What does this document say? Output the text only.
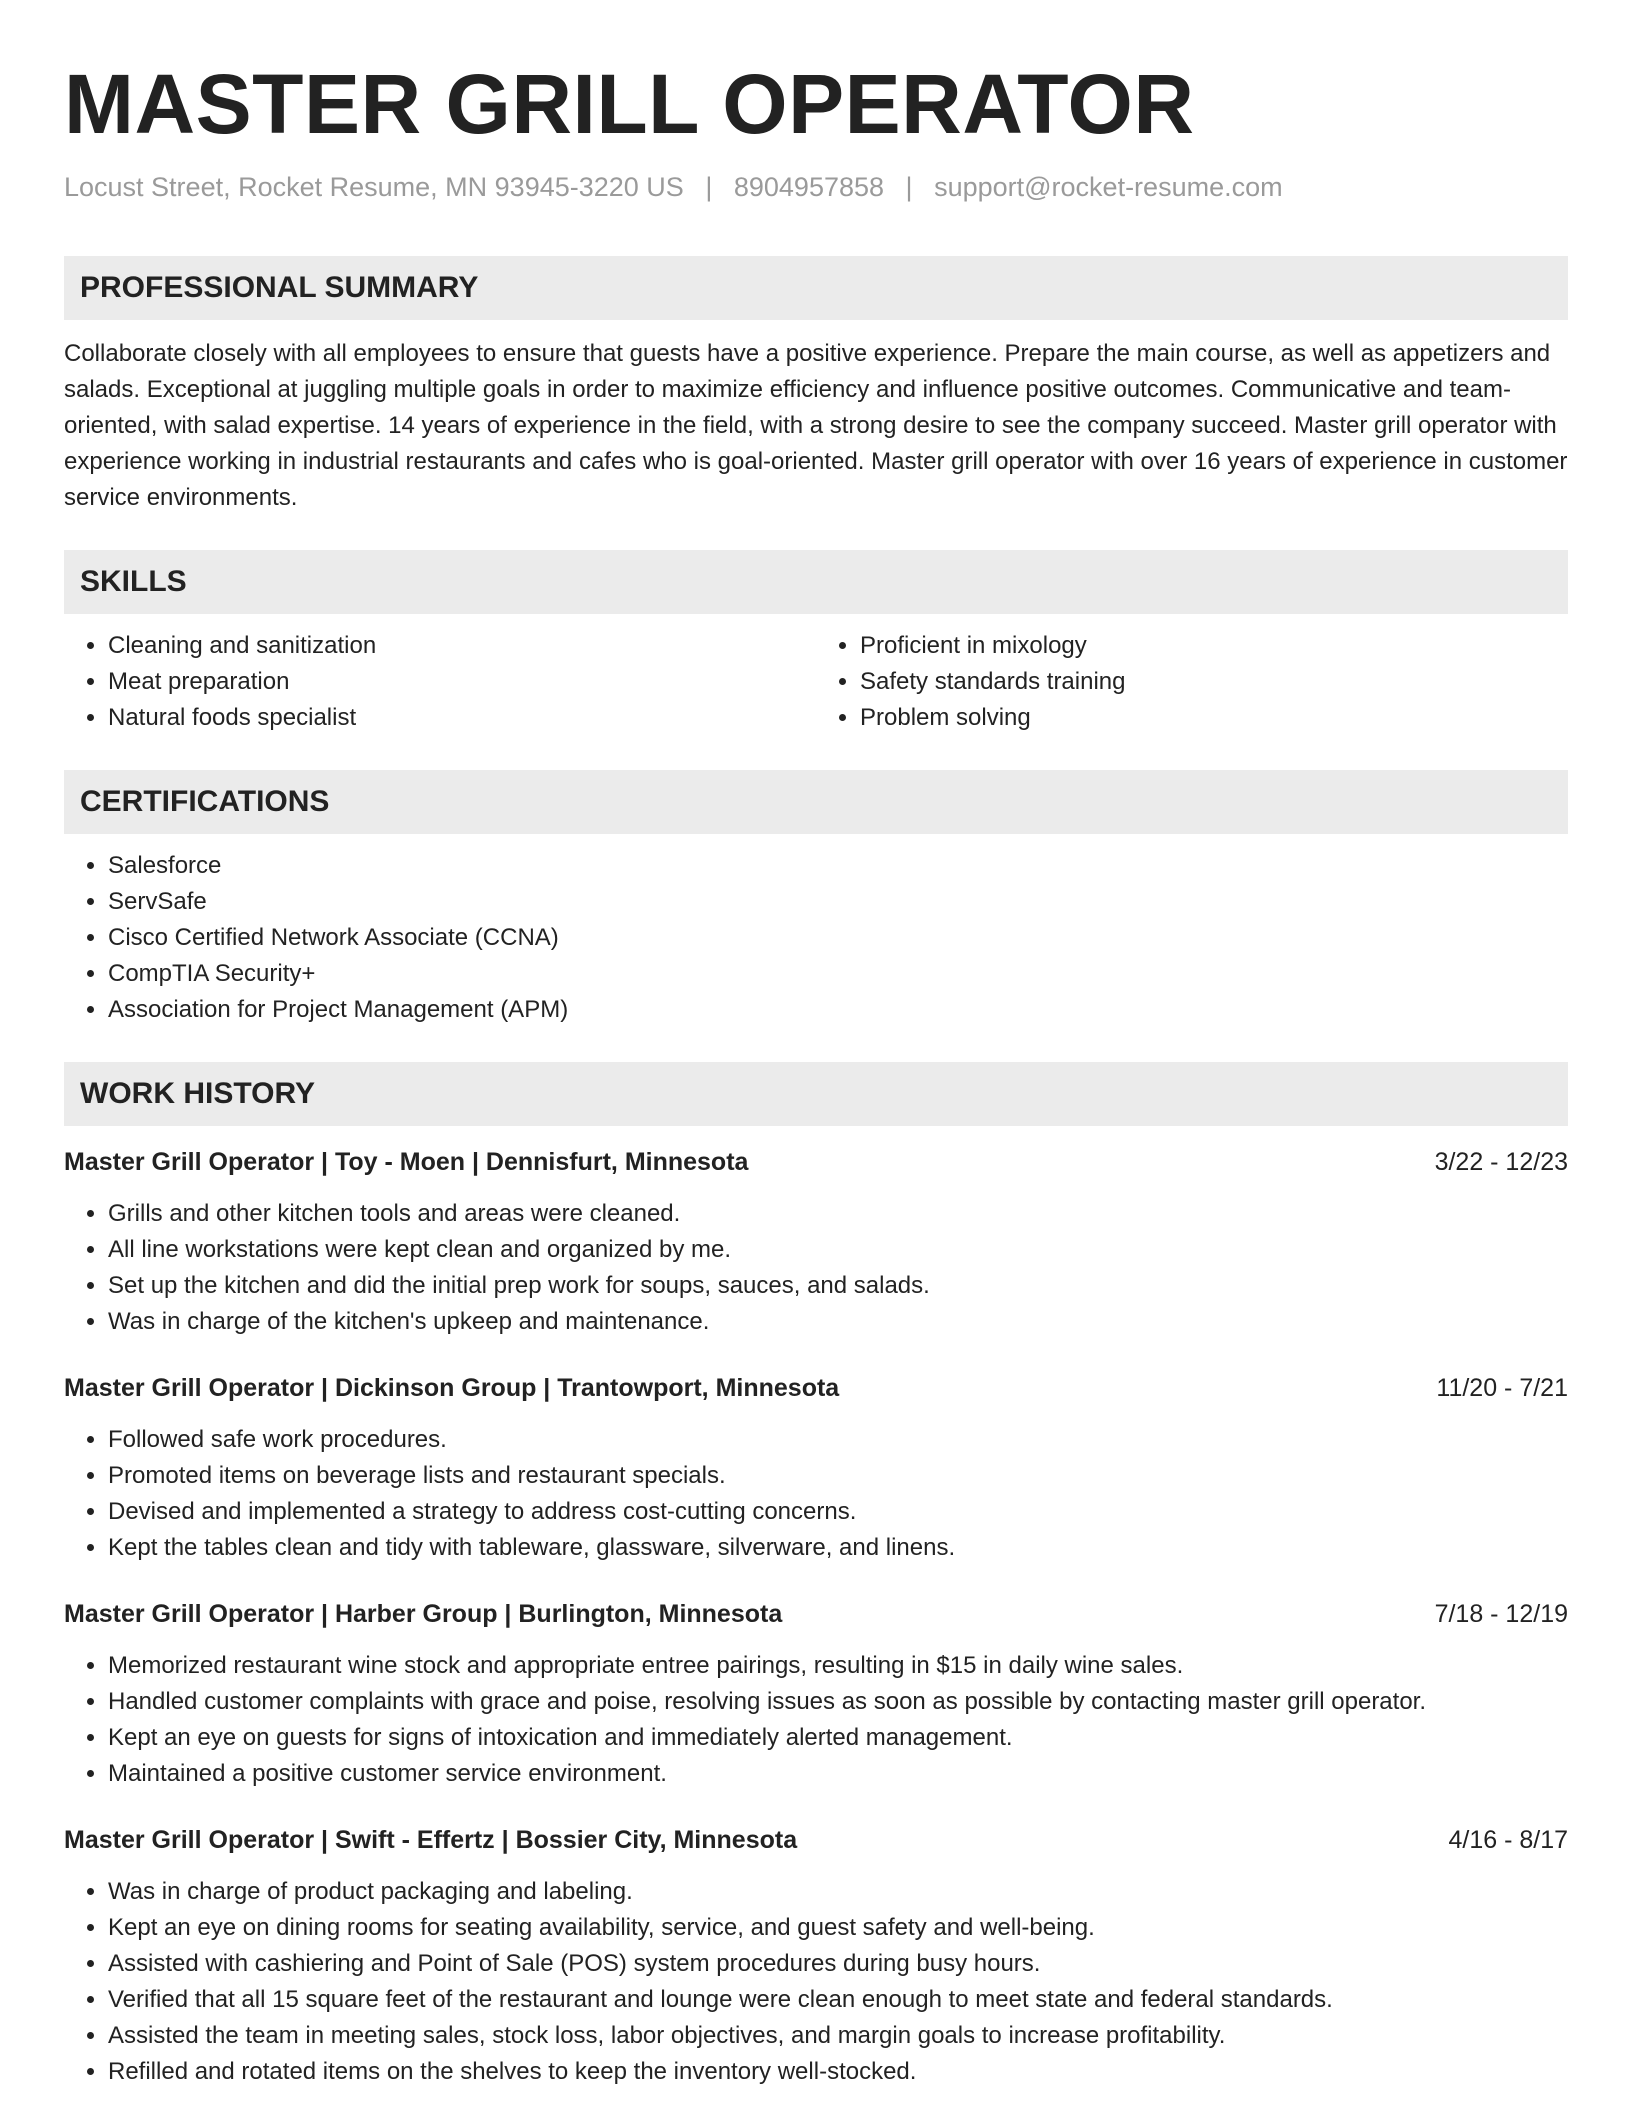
MASTER GRILL OPERATOR
Locust Street, Rocket Resume, MN 93945-3220 US | 8904957858 | support@rocket-resume.com
PROFESSIONAL SUMMARY
Collaborate closely with all employees to ensure that guests have a positive experience. Prepare the main course, as well as appetizers and salads. Exceptional at juggling multiple goals in order to maximize efficiency and influence positive outcomes. Communicative and team-oriented, with salad expertise. 14 years of experience in the field, with a strong desire to see the company succeed. Master grill operator with experience working in industrial restaurants and cafes who is goal-oriented. Master grill operator with over 16 years of experience in customer service environments.
SKILLS
• Cleaning and sanitization
• Meat preparation
• Natural foods specialist
• Proficient in mixology
• Safety standards training
• Problem solving
CERTIFICATIONS
• Salesforce
• ServSafe
• Cisco Certified Network Associate (CCNA)
• CompTIA Security+
• Association for Project Management (APM)
WORK HISTORY
Master Grill Operator | Toy - Moen | Dennisfurt, Minnesota	3/22 - 12/23
• Grills and other kitchen tools and areas were cleaned.
• All line workstations were kept clean and organized by me.
• Set up the kitchen and did the initial prep work for soups, sauces, and salads.
• Was in charge of the kitchen's upkeep and maintenance.
Master Grill Operator | Dickinson Group | Trantowport, Minnesota	11/20 - 7/21
• Followed safe work procedures.
• Promoted items on beverage lists and restaurant specials.
• Devised and implemented a strategy to address cost-cutting concerns.
• Kept the tables clean and tidy with tableware, glassware, silverware, and linens.
Master Grill Operator | Harber Group | Burlington, Minnesota	7/18 - 12/19
• Memorized restaurant wine stock and appropriate entree pairings, resulting in $15 in daily wine sales.
• Handled customer complaints with grace and poise, resolving issues as soon as possible by contacting master grill operator.
• Kept an eye on guests for signs of intoxication and immediately alerted management.
• Maintained a positive customer service environment.
Master Grill Operator | Swift - Effertz | Bossier City, Minnesota	4/16 - 8/17
• Was in charge of product packaging and labeling.
• Kept an eye on dining rooms for seating availability, service, and guest safety and well-being.
• Assisted with cashiering and Point of Sale (POS) system procedures during busy hours.
• Verified that all 15 square feet of the restaurant and lounge were clean enough to meet state and federal standards.
• Assisted the team in meeting sales, stock loss, labor objectives, and margin goals to increase profitability.
• Refilled and rotated items on the shelves to keep the inventory well-stocked.
